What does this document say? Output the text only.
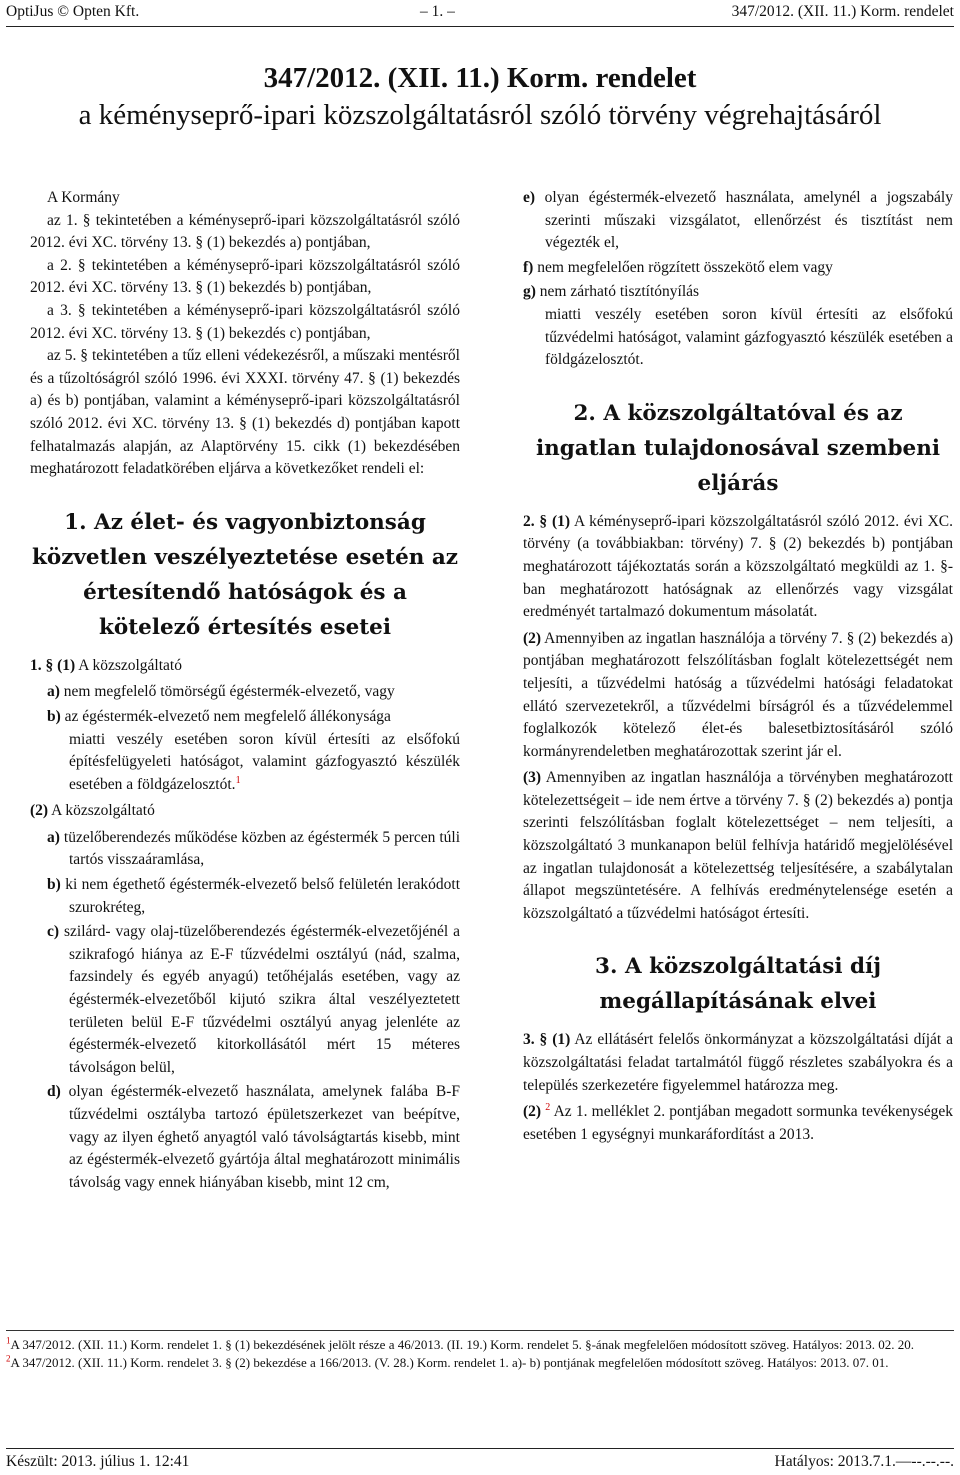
OptiJus © Opten Kft.	– 1. –	347/2012. (XII. 11.) Korm. rendelet
347/2012. (XII. 11.) Korm. rendelet
a kéményseprő-ipari közszolgáltatásról szóló törvény végrehajtásáról

A Kormány

az 1. § tekintetében a kéményseprő-ipari közszolgáltatásról szóló 2012. évi XC. törvény 13. § (1) bekezdés a) pontjában,

a 2. § tekintetében a kéményseprő-ipari közszolgáltatásról szóló 2012. évi XC. törvény 13. § (1) bekezdés b) pontjában,

a 3. § tekintetében a kéményseprő-ipari közszolgáltatásról szóló 2012. évi XC. törvény 13. § (1) bekezdés c) pontjában,

az 5. § tekintetében a tűz elleni védekezésről, a műszaki mentésről és a tűzoltóságról szóló 1996. évi XXXI. törvény 47. § (1) bekezdés a) és b) pontjában, valamint a kéményseprő-ipari közszolgáltatásról szóló 2012. évi XC. törvény 13. § (1) bekezdés d) pontjában kapott felhatalmazás alapján, az Alaptörvény 15. cikk (1) bekezdésében meghatározott feladatkörében eljárva a következőket rendeli el:

1. Az élet- és vagyonbiztonság közvetlen veszélyeztetése esetén az értesítendő hatóságok és a kötelező értesítés esetei

1. § (1) A közszolgáltató

a) nem megfelelő tömörségű égéstermék-elvezető, vagy

b) az égéstermék-elvezető nem megfelelő állékonysága

miatti veszély esetében soron kívül értesíti az elsőfokú építésfelügyeleti hatóságot, valamint gázfogyasztó készülék esetében a földgázelosztót.$^1$

(2) A közszolgáltató

a) tüzelőberendezés működése közben az égéstermék 5 percen túli tartós visszaáramlása,

b) ki nem égethető égéstermék-elvezető belső felületén lerakódott szurokréteg,

c) szilárd- vagy olaj-tüzelőberendezés égéstermék-elvezetőjénél a szikrafogó hiánya az E-F tűzvédelmi osztályú (nád, szalma, fazsindely és egyéb anyagú) tetőhéjalás esetében, vagy az égéstermék-elvezetőből kijutó szikra által veszélyeztetett területen belül E-F tűzvédelmi osztályú anyag jelenléte az égéstermék-elvezető kitorkollásától mért 15 méteres távolságon belül,

d) olyan égéstermék-elvezető használata, amelynek falába B-F tűzvédelmi osztályba tartozó épületszerkezet van beépítve, vagy az ilyen éghető anyagtól való távolságtartás kisebb, mint az égéstermék-elvezető gyártója által meghatározott minimális távolság vagy ennek hiányában kisebb, mint 12 cm,

e) olyan égéstermék-elvezető használata, amelynél a jogszabály szerinti műszaki vizsgálatot, ellenőrzést és tisztítást nem végezték el,

f) nem megfelelően rögzített összekötő elem vagy

g) nem zárható tisztítónyílás

miatti veszély esetében soron kívül értesíti az elsőfokú tűzvédelmi hatóságot, valamint gázfogyasztó készülék esetében a földgázelosztót.

2. A közszolgáltatóval és az ingatlan tulajdonosával szembeni eljárás

2. § (1) A kéményseprő-ipari közszolgáltatásról szóló 2012. évi XC. törvény (a továbbiakban: törvény) 7. § (2) bekezdés b) pontjában meghatározott tájékoztatás során a közszolgáltató megküldi az 1. §-ban meghatározott hatóságnak az ellenőrzés vagy vizsgálat eredményét tartalmazó dokumentum másolatát.

(2) Amennyiben az ingatlan használója a törvény 7. § (2) bekezdés a) pontjában meghatározott felszólításban foglalt kötelezettségét nem teljesíti, a tűzvédelmi hatóság a tűzvédelmi hatósági feladatokat ellátó szervezetekről, a tűzvédelmi bírságról és a tűzvédelemmel foglalkozók kötelező élet-és balesetbiztosításáról szóló kormányrendeletben meghatározottak szerint jár el.

(3) Amennyiben az ingatlan használója a törvényben meghatározott kötelezettségeit – ide nem értve a törvény 7. § (2) bekezdés a) pontja szerinti felszólításban foglalt kötelezettséget – nem teljesíti, a közszolgáltató 3 munkanapon belül felhívja határidő megjelölésével az ingatlan tulajdonosát a kötelezettség teljesítésére, a szabálytalan állapot megszüntetésére. A felhívás eredménytelensége esetén a közszolgáltató a tűzvédelmi hatóságot értesíti.

3. A közszolgáltatási díj megállapításának elvei

3. § (1) Az ellátásért felelős önkormányzat a közszolgáltatási díját a közszolgáltatási feladat tartalmától függő részletes szabályokra és a település szerkezetére figyelemmel határozza meg.

(2) $^2$ Az 1. melléklet 2. pontjában megadott sormunka tevékenységek esetében 1 egységnyi munkaráfordítást a 2013.

$^1$A 347/2012. (XII. 11.) Korm. rendelet 1. § (1) bekezdésének jelölt része a 46/2013. (II. 19.) Korm. rendelet 5. §-ának megfelelően módosított szöveg. Hatályos: 2013. 02. 20.

$^2$A 347/2012. (XII. 11.) Korm. rendelet 3. § (2) bekezdése a 166/2013. (V. 28.) Korm. rendelet 1. a)- b) pontjának megfelelően módosított szöveg. Hatályos: 2013. 07. 01.

Készült: 2013. július 1. 12:41	Hatályos: 2013.7.1.—--.--.--.
